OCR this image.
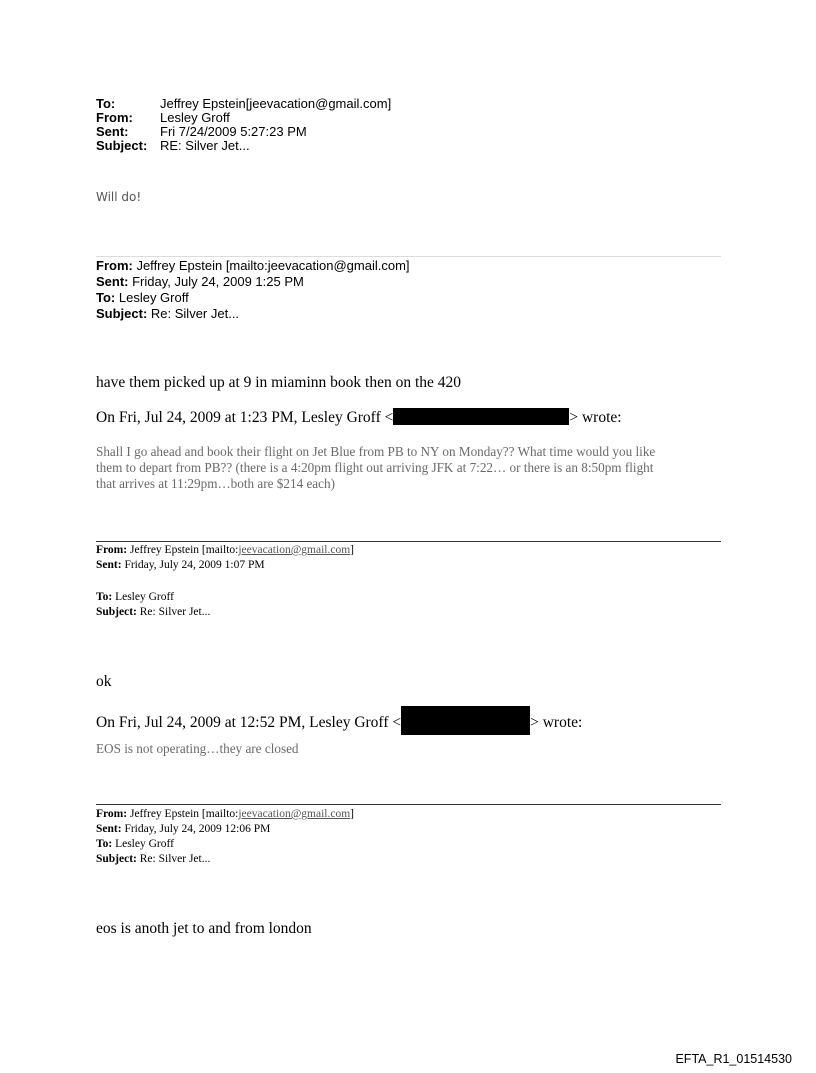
To:	Jeffrey Epstein[jeevacation@gmail.com]
From: Lesley Groff
Sent: Fri 7/24/2009 5:27:23 PM
Subject: RE: Silver Jet...
Will do!
From: Jeffrey Epstein [mailto:jeevacation@gmail.com]
Sent: Friday, July 24, 2009 1:25 PM
To: Lesley Groff
Subject: Re: Silver Jet...
have them picked up at 9 in miaminn book then on the 420
On Fri, Jul 24, 2009 at 1:23 PM, Lesley Groff <	> wrote:
Shall I go ahead and book their flight on Jet Blue from PB to NY on Monday?? What time would you like
them to depart from PB?? (there is a 4:20pm flight out arriving JFK at 7:22… or there is an 8:50pm flight
that arrives at 11:29pm…both are $214 each)
From: Jeffrey Epstein [mailto:jeevacation@gmail.com]
Sent: Friday, July 24, 2009 1:07 PM
To: Lesley Groff
Subject: Re: Silver Jet...
ok
On Fri, Jul 24, 2009 at 12:52 PM, Lesley Groff <	> wrote:
EOS is not operating…they are closed
From: Jeffrey Epstein [mailto:jeevacation@gmail.com]
Sent: Friday, July 24, 2009 12:06 PM
To: Lesley Groff
Subject: Re: Silver Jet...
eos is anoth jet to and from london
EFTA_R1_01514530
